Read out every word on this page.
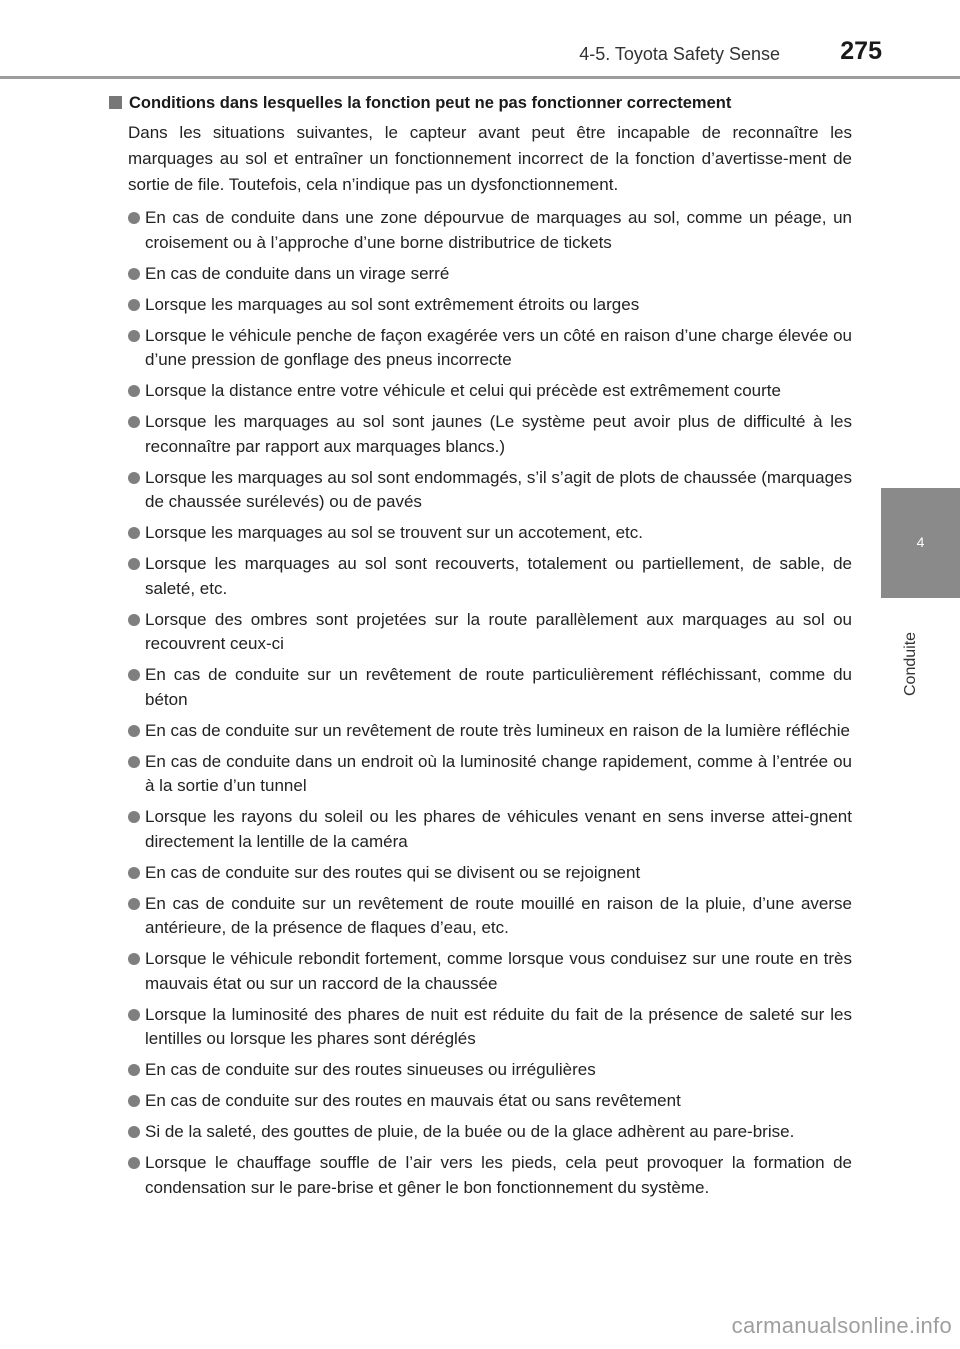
4-5. Toyota Safety Sense 275
4
Conduite
Conditions dans lesquelles la fonction peut ne pas fonctionner correctement
Dans les situations suivantes, le capteur avant peut être incapable de reconnaître les marquages au sol et entraîner un fonctionnement incorrect de la fonction d’avertisse-ment de sortie de file. Toutefois, cela n’indique pas un dysfonctionnement.
En cas de conduite dans une zone dépourvue de marquages au sol, comme un péage, un croisement ou à l’approche d’une borne distributrice de tickets
En cas de conduite dans un virage serré
Lorsque les marquages au sol sont extrêmement étroits ou larges
Lorsque le véhicule penche de façon exagérée vers un côté en raison d’une charge élevée ou d’une pression de gonflage des pneus incorrecte
Lorsque la distance entre votre véhicule et celui qui précède est extrêmement courte
Lorsque les marquages au sol sont jaunes (Le système peut avoir plus de difficulté à les reconnaître par rapport aux marquages blancs.)
Lorsque les marquages au sol sont endommagés, s’il s’agit de plots de chaussée (marquages de chaussée surélevés) ou de pavés
Lorsque les marquages au sol se trouvent sur un accotement, etc.
Lorsque les marquages au sol sont recouverts, totalement ou partiellement, de sable, de saleté, etc.
Lorsque des ombres sont projetées sur la route parallèlement aux marquages au sol ou recouvrent ceux-ci
En cas de conduite sur un revêtement de route particulièrement réfléchissant, comme du béton
En cas de conduite sur un revêtement de route très lumineux en raison de la lumière réfléchie
En cas de conduite dans un endroit où la luminosité change rapidement, comme à l’entrée ou à la sortie d’un tunnel
Lorsque les rayons du soleil ou les phares de véhicules venant en sens inverse attei-gnent directement la lentille de la caméra
En cas de conduite sur des routes qui se divisent ou se rejoignent
En cas de conduite sur un revêtement de route mouillé en raison de la pluie, d’une averse antérieure, de la présence de flaques d’eau, etc.
Lorsque le véhicule rebondit fortement, comme lorsque vous conduisez sur une route en très mauvais état ou sur un raccord de la chaussée
Lorsque la luminosité des phares de nuit est réduite du fait de la présence de saleté sur les lentilles ou lorsque les phares sont déréglés
En cas de conduite sur des routes sinueuses ou irrégulières
En cas de conduite sur des routes en mauvais état ou sans revêtement
Si de la saleté, des gouttes de pluie, de la buée ou de la glace adhèrent au pare-brise.
Lorsque le chauffage souffle de l’air vers les pieds, cela peut provoquer la formation de condensation sur le pare-brise et gêner le bon fonctionnement du système.
carmanualsonline.info
